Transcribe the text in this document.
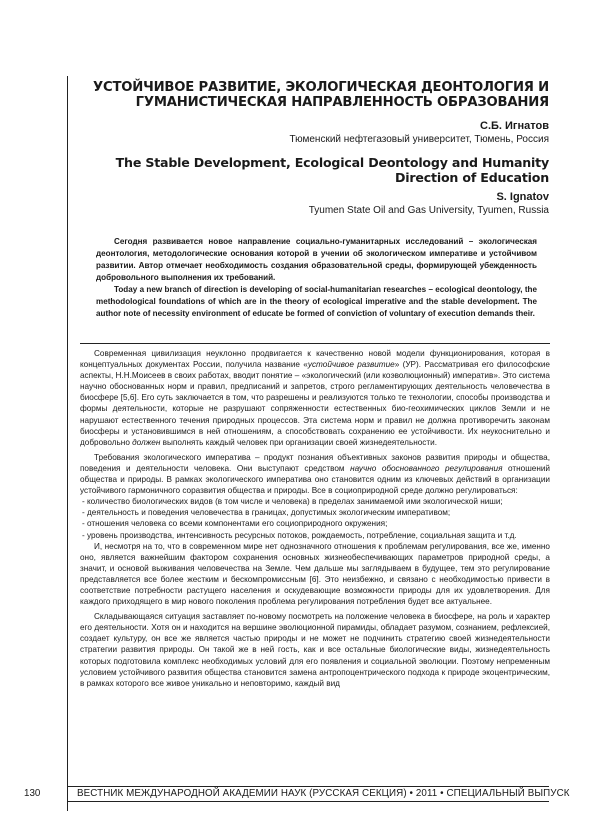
УСТОЙЧИВОЕ РАЗВИТИЕ, ЭКОЛОГИЧЕСКАЯ ДЕОНТОЛОГИЯ И ГУМАНИСТИЧЕСКАЯ НАПРАВЛЕННОСТЬ ОБРАЗОВАНИЯ

С.Б. Игнатов

Тюменский нефтегазовый университет, Тюмень, Россия

The Stable Development, Ecological Deontology and Humanity Direction of Education

S. Ignatov

Tyumen State Oil and Gas University, Tyumen, Russia

Сегодня развивается новое направление социально-гуманитарных исследований – экологическая деонтология, методологические основания которой в учении об экологическом императиве и устойчивом развитии. Автор отмечает необходимость создания образовательной среды, формирующей убежденность добровольного выполнения их требований.

Today a new branch of direction is developing of social-humanitarian researches – ecological deontology, the methodological foundations of which are in the theory of ecological imperative and the stable development. The author note of necessity environment of educate be formed of conviction of voluntary of execution demands their.

Современная цивилизация неуклонно продвигается к качественно новой модели функционирования, которая в концептуальных документах России, получила название «устойчивое развитие» (УР). Рассматривая его философские аспекты, Н.Н.Моисеев в своих работах, вводит понятие – «экологический (или коэволюционный) императив». Это система научно обоснованных норм и правил, предписаний и запретов, строго регламентирующих деятельность человечества в биосфере [5,6]. Его суть заключается в том, что разрешены и реализуются только те технологии, способы производства и формы деятельности, которые не разрушают сопряженности естественных био-геохимических циклов Земли и не нарушают естественного течения природных процессов. Эта система норм и правил не должна противоречить законам биосферы и установившимся в ней отношениям, а способствовать сохранению ее устойчивости. Их неукоснительно и добровольно должен выполнять каждый человек при организации своей жизнедеятельности.

Требования экологического императива – продукт познания объективных законов развития природы и общества, поведения и деятельности человека. Они выступают средством научно обоснованного регулирования отношений общества и природы. В рамках экологического императива оно становится одним из ключевых действий в организации устойчивого гармоничного соразвития общества и природы. Все в социоприродной среде должно регулироваться:

- количество биологических видов (в том числе и человека) в пределах занимаемой ими экологической ниши;

- деятельность и поведения человечества в границах, допустимых экологическим императивом;

- отношения человека со всеми компонентами его социоприродного окружения;

- уровень производства, интенсивность ресурсных потоков, рождаемость, потребление, социальная защита и т.д.

И, несмотря на то, что в современном мире нет однозначного отношения к проблемам регулирования, все же, именно оно, является важнейшим фактором сохранения основных жизнеобеспечивающих параметров природной среды, а значит, и основой выживания человечества на Земле. Чем дальше мы заглядываем в будущее, тем это регулирование представляется все более жестким и бескомпромиссным [6]. Это неизбежно, и связано с необходимостью привести в соответствие потребности растущего населения и оскудевающие возможности природы для их удовлетворения. Для каждого приходящего в мир нового поколения проблема регулирования потребления будет все актуальнее.

Складывающаяся ситуация заставляет по-новому посмотреть на положение человека в биосфере, на роль и характер его деятельности. Хотя он и находится на вершине эволюционной пирамиды, обладает разумом, сознанием, рефлексией, создает культуру, он все же является частью природы и не может не подчинить стратегию своей жизнедеятельности стратегии развития природы. Он такой же в ней гость, как и все остальные биологические виды, жизнедеятельность которых подготовила комплекс необходимых условий для его появления и социальной эволюции. Поэтому непременным условием устойчивого развития общества становится замена антропоцентрического подхода к природе экоцентрическим, в рамках которого все живое уникально и неповторимо, каждый вид

130	ВЕСТНИК МЕЖДУНАРОДНОЙ АКАДЕМИИ НАУК (РУССКАЯ СЕКЦИЯ) • 2011 • СПЕЦИАЛЬНЫЙ ВЫПУСК
